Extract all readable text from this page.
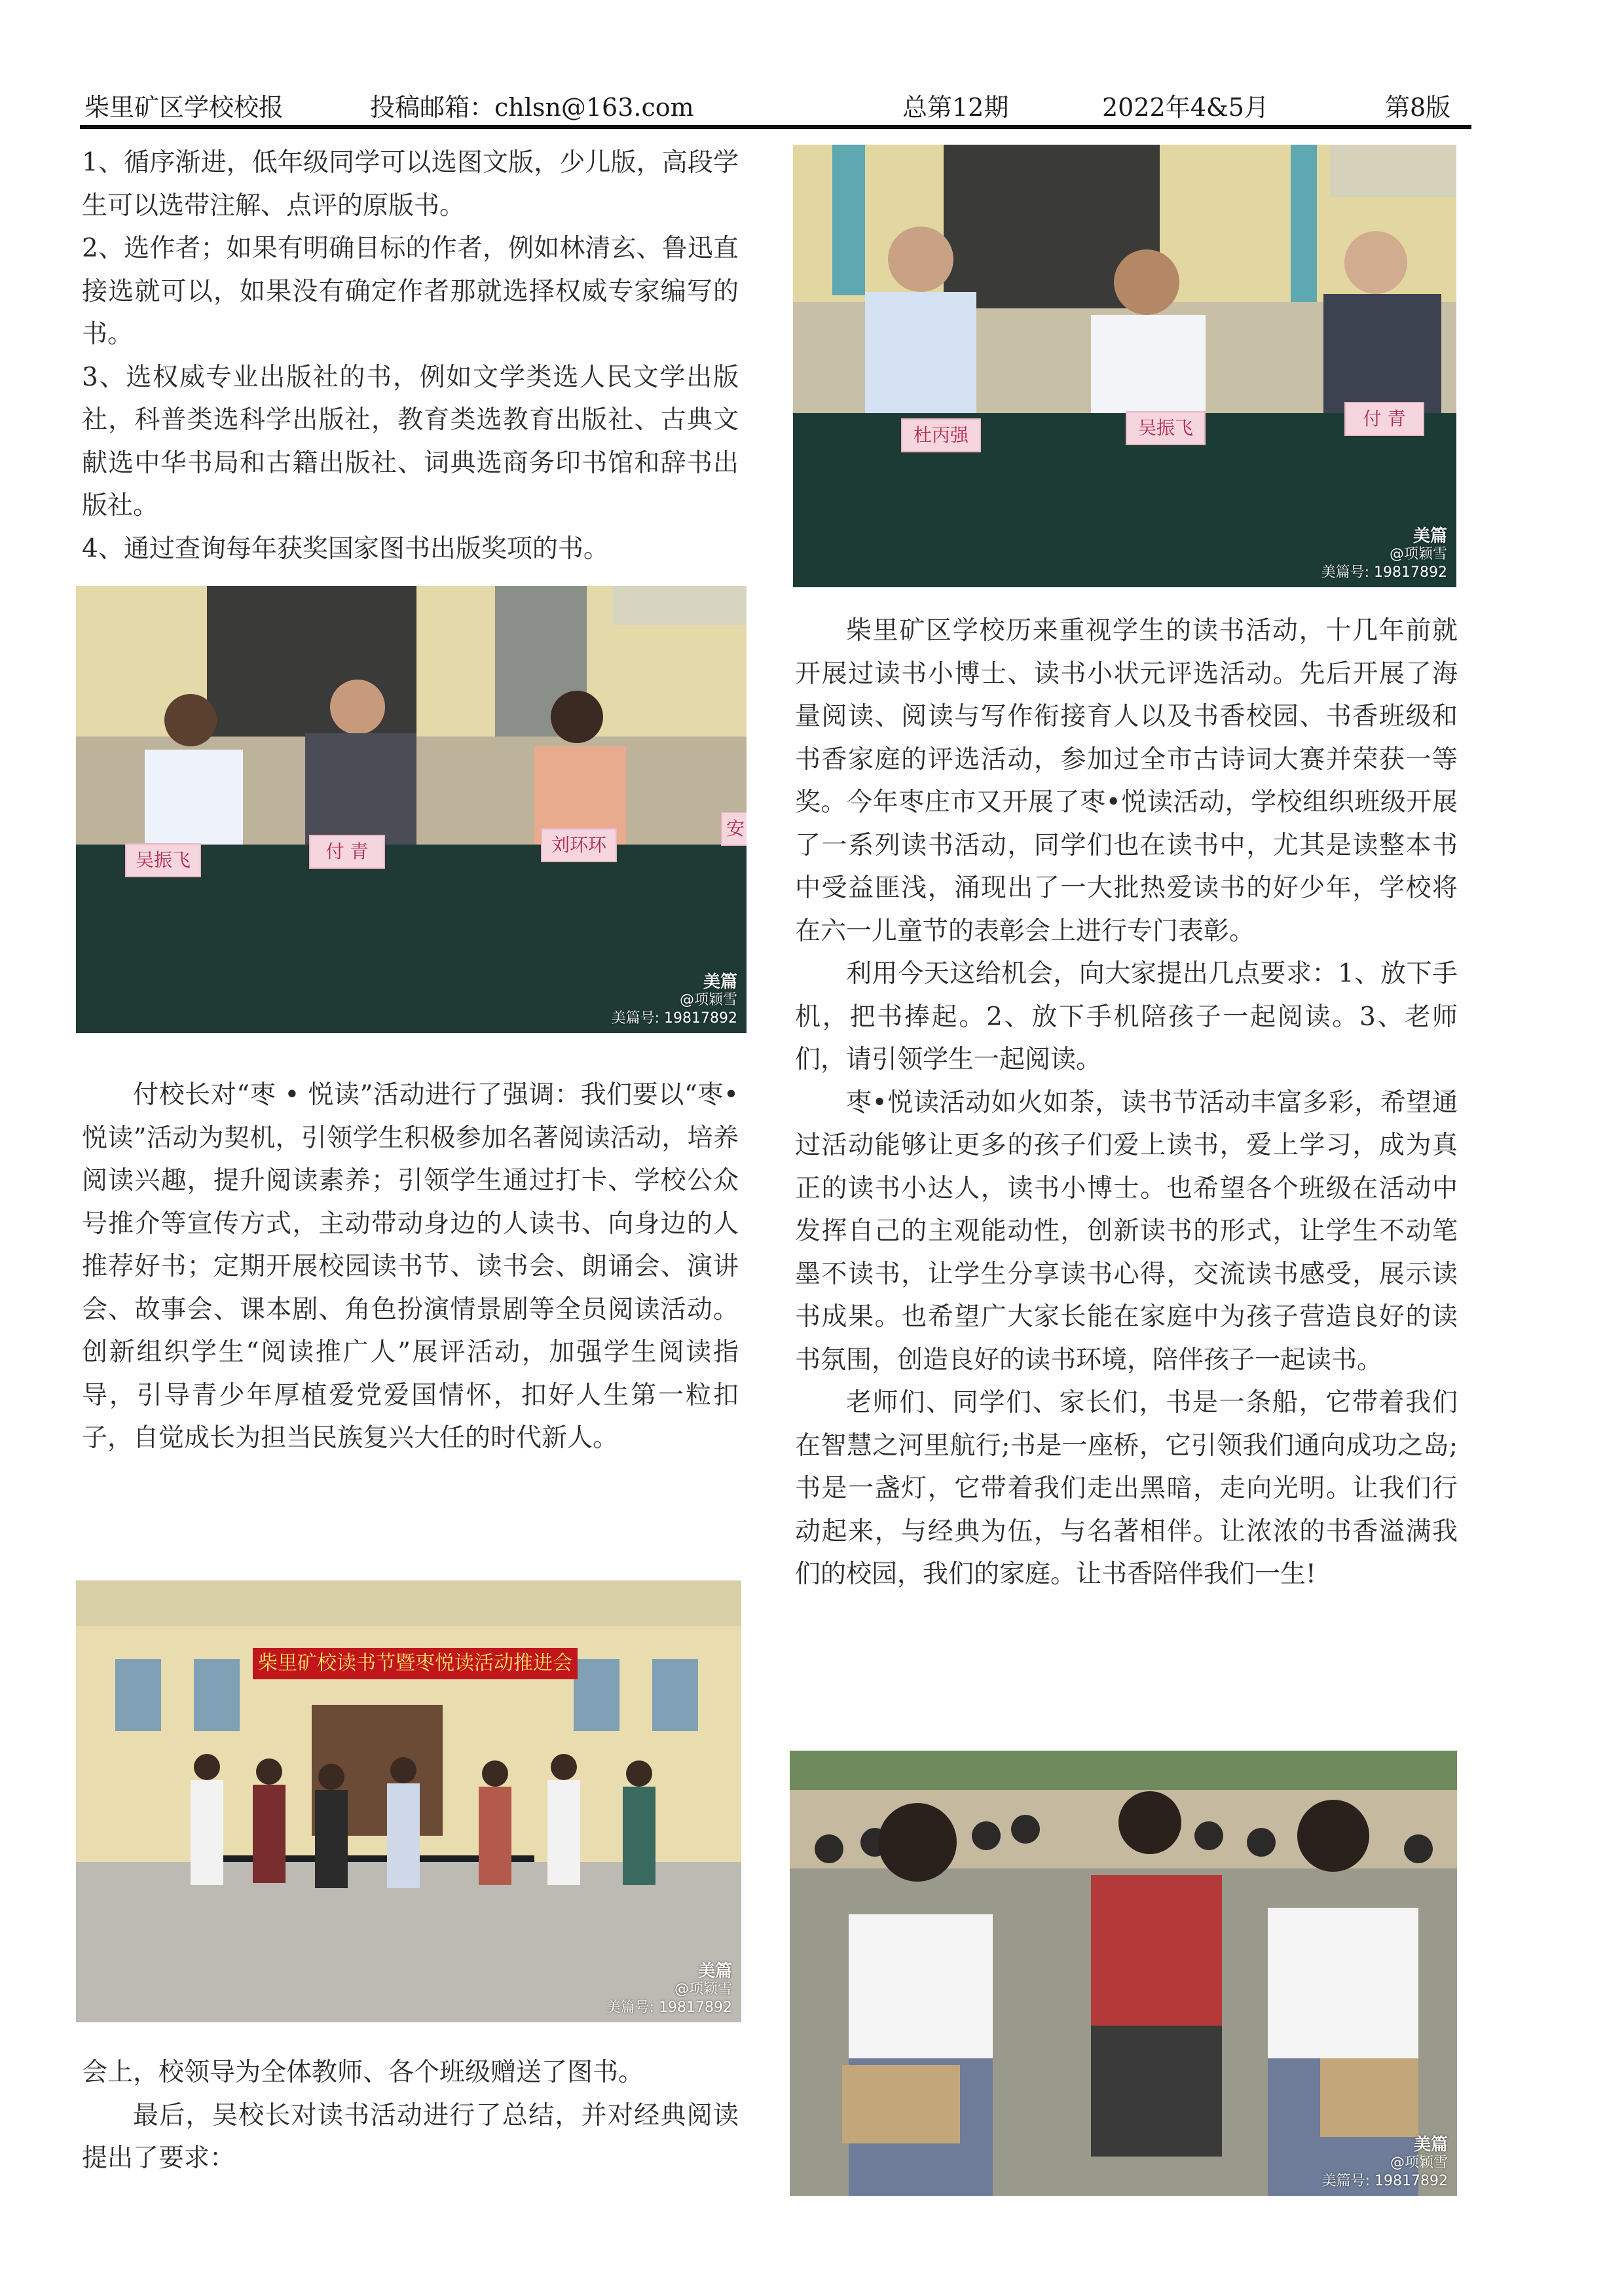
柴里矿区学校校报	投稿邮箱：chlsn@163.com	总第12期	2022年4&5月	第8版

1、循序渐进，低年级同学可以选图文版，少儿版，高段学生可以选带注解、点评的原版书。

2、选作者；如果有明确目标的作者，例如林清玄、鲁迅直接选就可以，如果没有确定作者那就选择权威专家编写的书。

3、选权威专业出版社的书，例如文学类选人民文学出版社，科普类选科学出版社，教育类选教育出版社、古典文献选中华书局和古籍出版社、词典选商务印书馆和辞书出版社。

4、通过查询每年获奖国家图书出版奖项的书。

吴振飞	付 青	刘环环
安
美篇
@项颖雪
美篇号: 19817892

付校长对“枣 • 悦读”活动进行了强调：我们要以“枣•悦读”活动为契机，引领学生积极参加名著阅读活动，培养阅读兴趣，提升阅读素养；引领学生通过打卡、学校公众号推介等宣传方式，主动带动身边的人读书、向身边的人推荐好书；定期开展校园读书节、读书会、朗诵会、演讲会、故事会、课本剧、角色扮演情景剧等全员阅读活动。创新组织学生“阅读推广人”展评活动，加强学生阅读指导，引导青少年厚植爱党爱国情怀，扣好人生第一粒扣子，自觉成长为担当民族复兴大任的时代新人。

柴里矿校读书节暨枣悦读活动推进会
美篇
@项颖雪
美篇号: 19817892

会上，校领导为全体教师、各个班级赠送了图书。

最后，吴校长对读书活动进行了总结，并对经典阅读提出了要求：

杜丙强	吴振飞	付 青
美篇
@项颖雪
美篇号: 19817892

柴里矿区学校历来重视学生的读书活动，十几年前就开展过读书小博士、读书小状元评选活动。先后开展了海量阅读、阅读与写作衔接育人以及书香校园、书香班级和书香家庭的评选活动，参加过全市古诗词大赛并荣获一等奖。今年枣庄市又开展了枣•悦读活动，学校组织班级开展了一系列读书活动，同学们也在读书中，尤其是读整本书中受益匪浅，涌现出了一大批热爱读书的好少年，学校将在六一儿童节的表彰会上进行专门表彰。

利用今天这给机会，向大家提出几点要求：1、放下手机，把书捧起。2、放下手机陪孩子一起阅读。3、老师们，请引领学生一起阅读。

枣•悦读活动如火如荼，读书节活动丰富多彩，希望通过活动能够让更多的孩子们爱上读书，爱上学习，成为真正的读书小达人，读书小博士。也希望各个班级在活动中发挥自己的主观能动性，创新读书的形式，让学生不动笔墨不读书，让学生分享读书心得，交流读书感受，展示读书成果。也希望广大家长能在家庭中为孩子营造良好的读书氛围，创造良好的读书环境，陪伴孩子一起读书。

老师们、同学们、家长们，书是一条船，它带着我们在智慧之河里航行;书是一座桥，它引领我们通向成功之岛;书是一盏灯，它带着我们走出黑暗，走向光明。让我们行动起来，与经典为伍，与名著相伴。让浓浓的书香溢满我们的校园，我们的家庭。让书香陪伴我们一生!

美篇
@项颖雪
美篇号: 19817892
